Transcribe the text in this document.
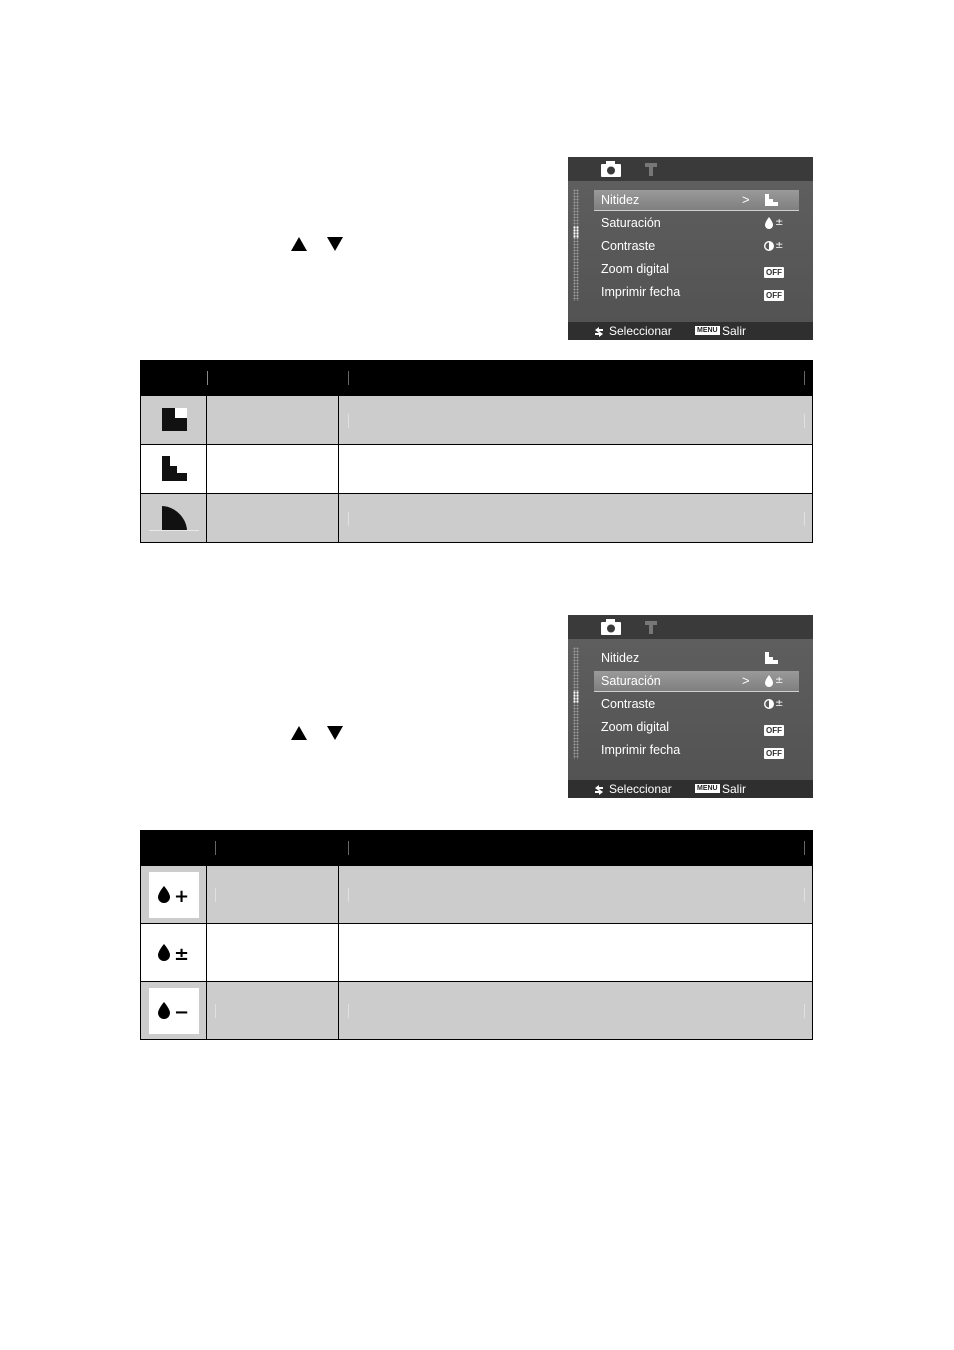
Nitidez	>
Saturación	±
Contraste	±
Zoom digital	OFF
Imprimir fecha	OFF
Seleccionar	MENU Salir
Nitidez
Saturación	>	±
Contraste	±
Zoom digital	OFF
Imprimir fecha	OFF
Seleccionar	MENU Salir
+
±
−
